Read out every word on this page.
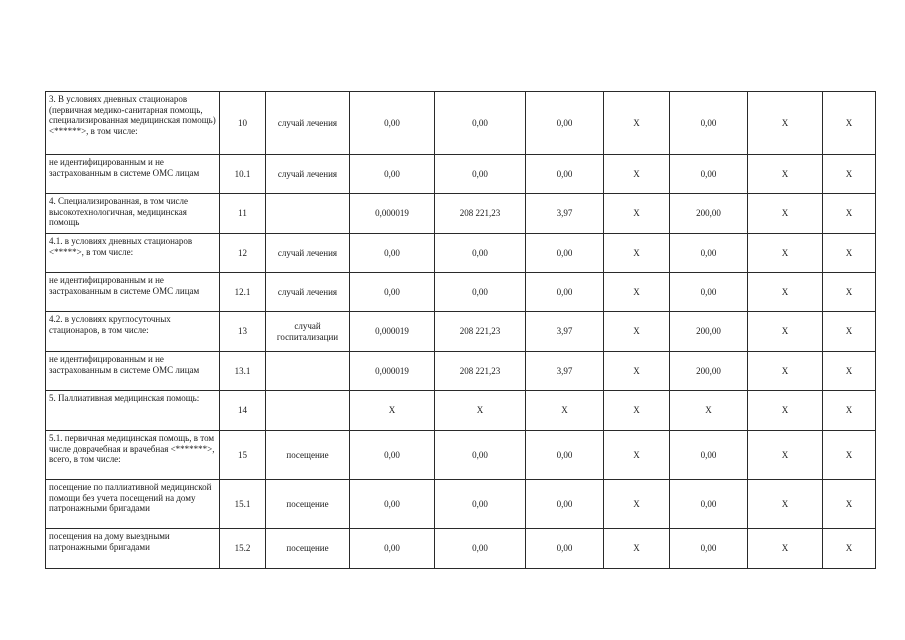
3. В условиях дневных стационаров (первичная медико-санитарная помощь, специализированная медицинская помощь) <******>, в том числе:	10	случай лечения	0,00	0,00	0,00	X	0,00	X	X
не идентифицированным и не застрахованным в системе ОМС лицам	10.1	случай лечения	0,00	0,00	0,00	X	0,00	X	X
4. Специализированная, в том числе высокотехнологичная, медицинская помощь	11		0,000019	208 221,23	3,97	X	200,00	X	X
4.1. в условиях дневных стационаров <*****>, в том числе:	12	случай лечения	0,00	0,00	0,00	X	0,00	X	X
не идентифицированным и не застрахованным в системе ОМС лицам	12.1	случай лечения	0,00	0,00	0,00	X	0,00	X	X
4.2. в условиях круглосуточных стационаров, в том числе:	13	случай госпитализации	0,000019	208 221,23	3,97	X	200,00	X	X
не идентифицированным и не застрахованным в системе ОМС лицам	13.1		0,000019	208 221,23	3,97	X	200,00	X	X
5. Паллиативная медицинская помощь:	14		X	X	X	X	X	X	X
5.1. первичная медицинская помощь, в том числе доврачебная и врачебная <*******>, всего, в том числе:	15	посещение	0,00	0,00	0,00	X	0,00	X	X
посещение по паллиативной медицинской помощи без учета посещений на дому патронажными бригадами	15.1	посещение	0,00	0,00	0,00	X	0,00	X	X
посещения на дому выездными патронажными бригадами	15.2	посещение	0,00	0,00	0,00	X	0,00	X	X
